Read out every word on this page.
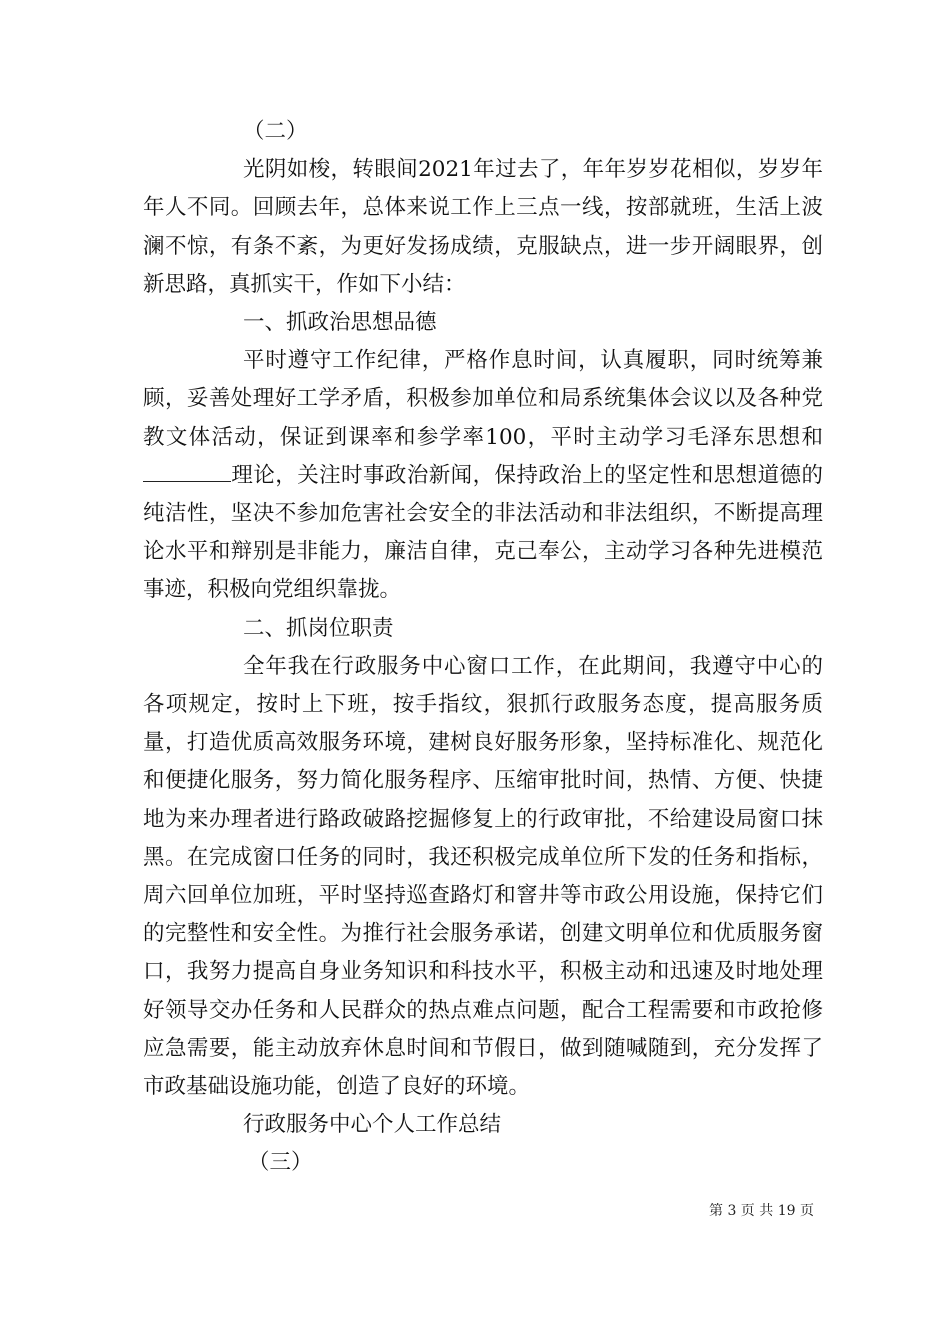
（二）

光阴如梭，转眼间2021年过去了，年年岁岁花相似，岁岁年年人不同。回顾去年，总体来说工作上三点一线，按部就班，生活上波澜不惊，有条不紊，为更好发扬成绩，克服缺点，进一步开阔眼界，创新思路，真抓实干，作如下小结：

一、抓政治思想品德

平时遵守工作纪律，严格作息时间，认真履职，同时统筹兼顾，妥善处理好工学矛盾，积极参加单位和局系统集体会议以及各种党教文体活动，保证到课率和参学率100，平时主动学习毛泽东思想和理论，关注时事政治新闻，保持政治上的坚定性和思想道德的纯洁性，坚决不参加危害社会安全的非法活动和非法组织，不断提高理论水平和辩别是非能力，廉洁自律，克己奉公，主动学习各种先进模范事迹，积极向党组织靠拢。

二、抓岗位职责

全年我在行政服务中心窗口工作，在此期间，我遵守中心的各项规定，按时上下班，按手指纹，狠抓行政服务态度，提高服务质量，打造优质高效服务环境，建树良好服务形象，坚持标准化、规范化和便捷化服务，努力简化服务程序、压缩审批时间，热情、方便、快捷地为来办理者进行路政破路挖掘修复上的行政审批，不给建设局窗口抹黑。在完成窗口任务的同时，我还积极完成单位所下发的任务和指标，周六回单位加班，平时坚持巡查路灯和窨井等市政公用设施，保持它们的完整性和安全性。为推行社会服务承诺，创建文明单位和优质服务窗口，我努力提高自身业务知识和科技水平，积极主动和迅速及时地处理好领导交办任务和人民群众的热点难点问题，配合工程需要和市政抢修应急需要，能主动放弃休息时间和节假日，做到随喊随到，充分发挥了市政基础设施功能，创造了良好的环境。

行政服务中心个人工作总结

（三）

第 3 页 共 19 页
